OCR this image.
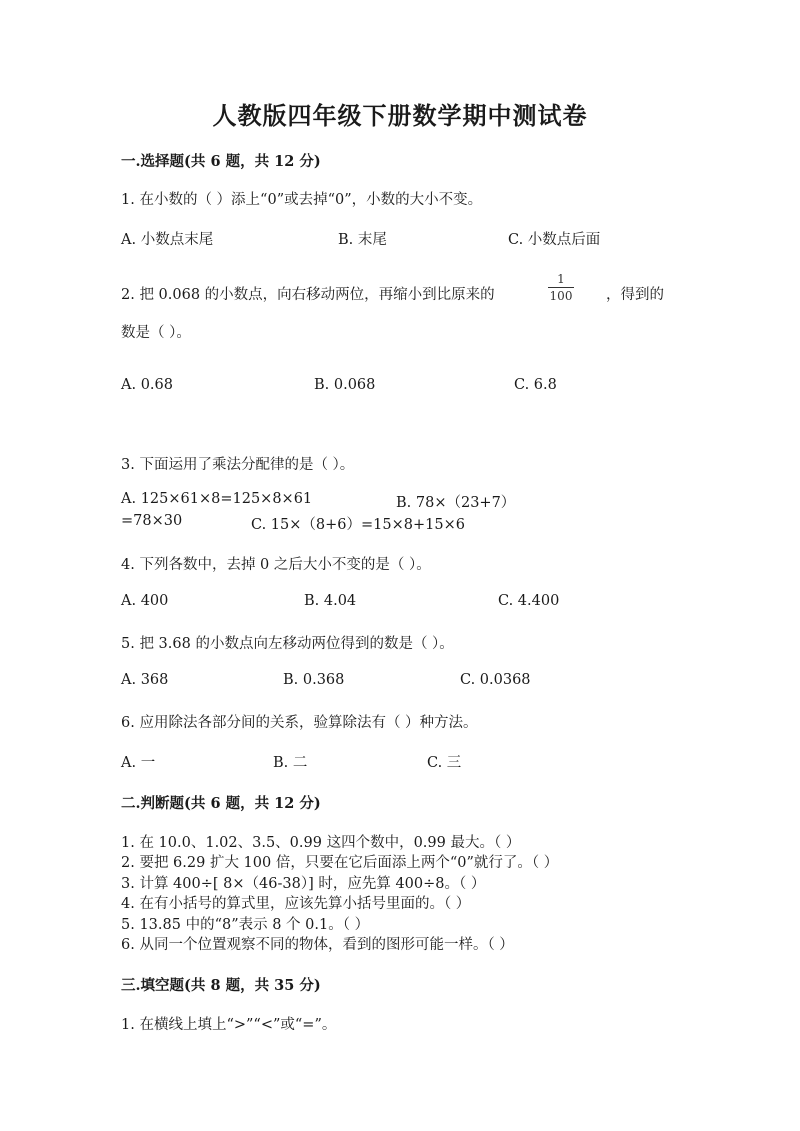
人教版四年级下册数学期中测试卷
一.选择题(共 6 题，共 12 分)
1. 在小数的（ ）添上“0”或去掉“0”，小数的大小不变。
A. 小数点末尾	B. 末尾	C. 小数点后面
2. 把 0.068 的小数点，向右移动两位，再缩小到比原来的
1
100 ，得到的
数是（ ）。
A. 0.68	B. 0.068	C. 6.8
3. 下面运用了乘法分配律的是（ ）。
A. 125×61×8=125×8×61	B. 78×（23+7）
=78×30	C. 15×（8+6）=15×8+15×6
4. 下列各数中，去掉 0 之后大小不变的是（ ）。
A. 400	B. 4.04	C. 4.400
5. 把 3.68 的小数点向左移动两位得到的数是（ ）。
A. 368	B. 0.368	C. 0.0368
6. 应用除法各部分间的关系，验算除法有（ ）种方法。
A. 一	B. 二	C. 三
二.判断题(共 6 题，共 12 分)
1. 在 10.0、1.02、3.5、0.99 这四个数中，0.99 最大。（ ）
2. 要把 6.29 扩大 100 倍，只要在它后面添上两个“0”就行了。（ ）
3. 计算 400÷[ 8×（46-38）] 时，应先算 400÷8。（ ）
4. 在有小括号的算式里，应该先算小括号里面的。（ ）
5. 13.85 中的“8”表示 8 个 0.1。（ ）
6. 从同一个位置观察不同的物体，看到的图形可能一样。（ ）
三.填空题(共 8 题，共 35 分)
1. 在横线上填上“>”“<”或“=”。
